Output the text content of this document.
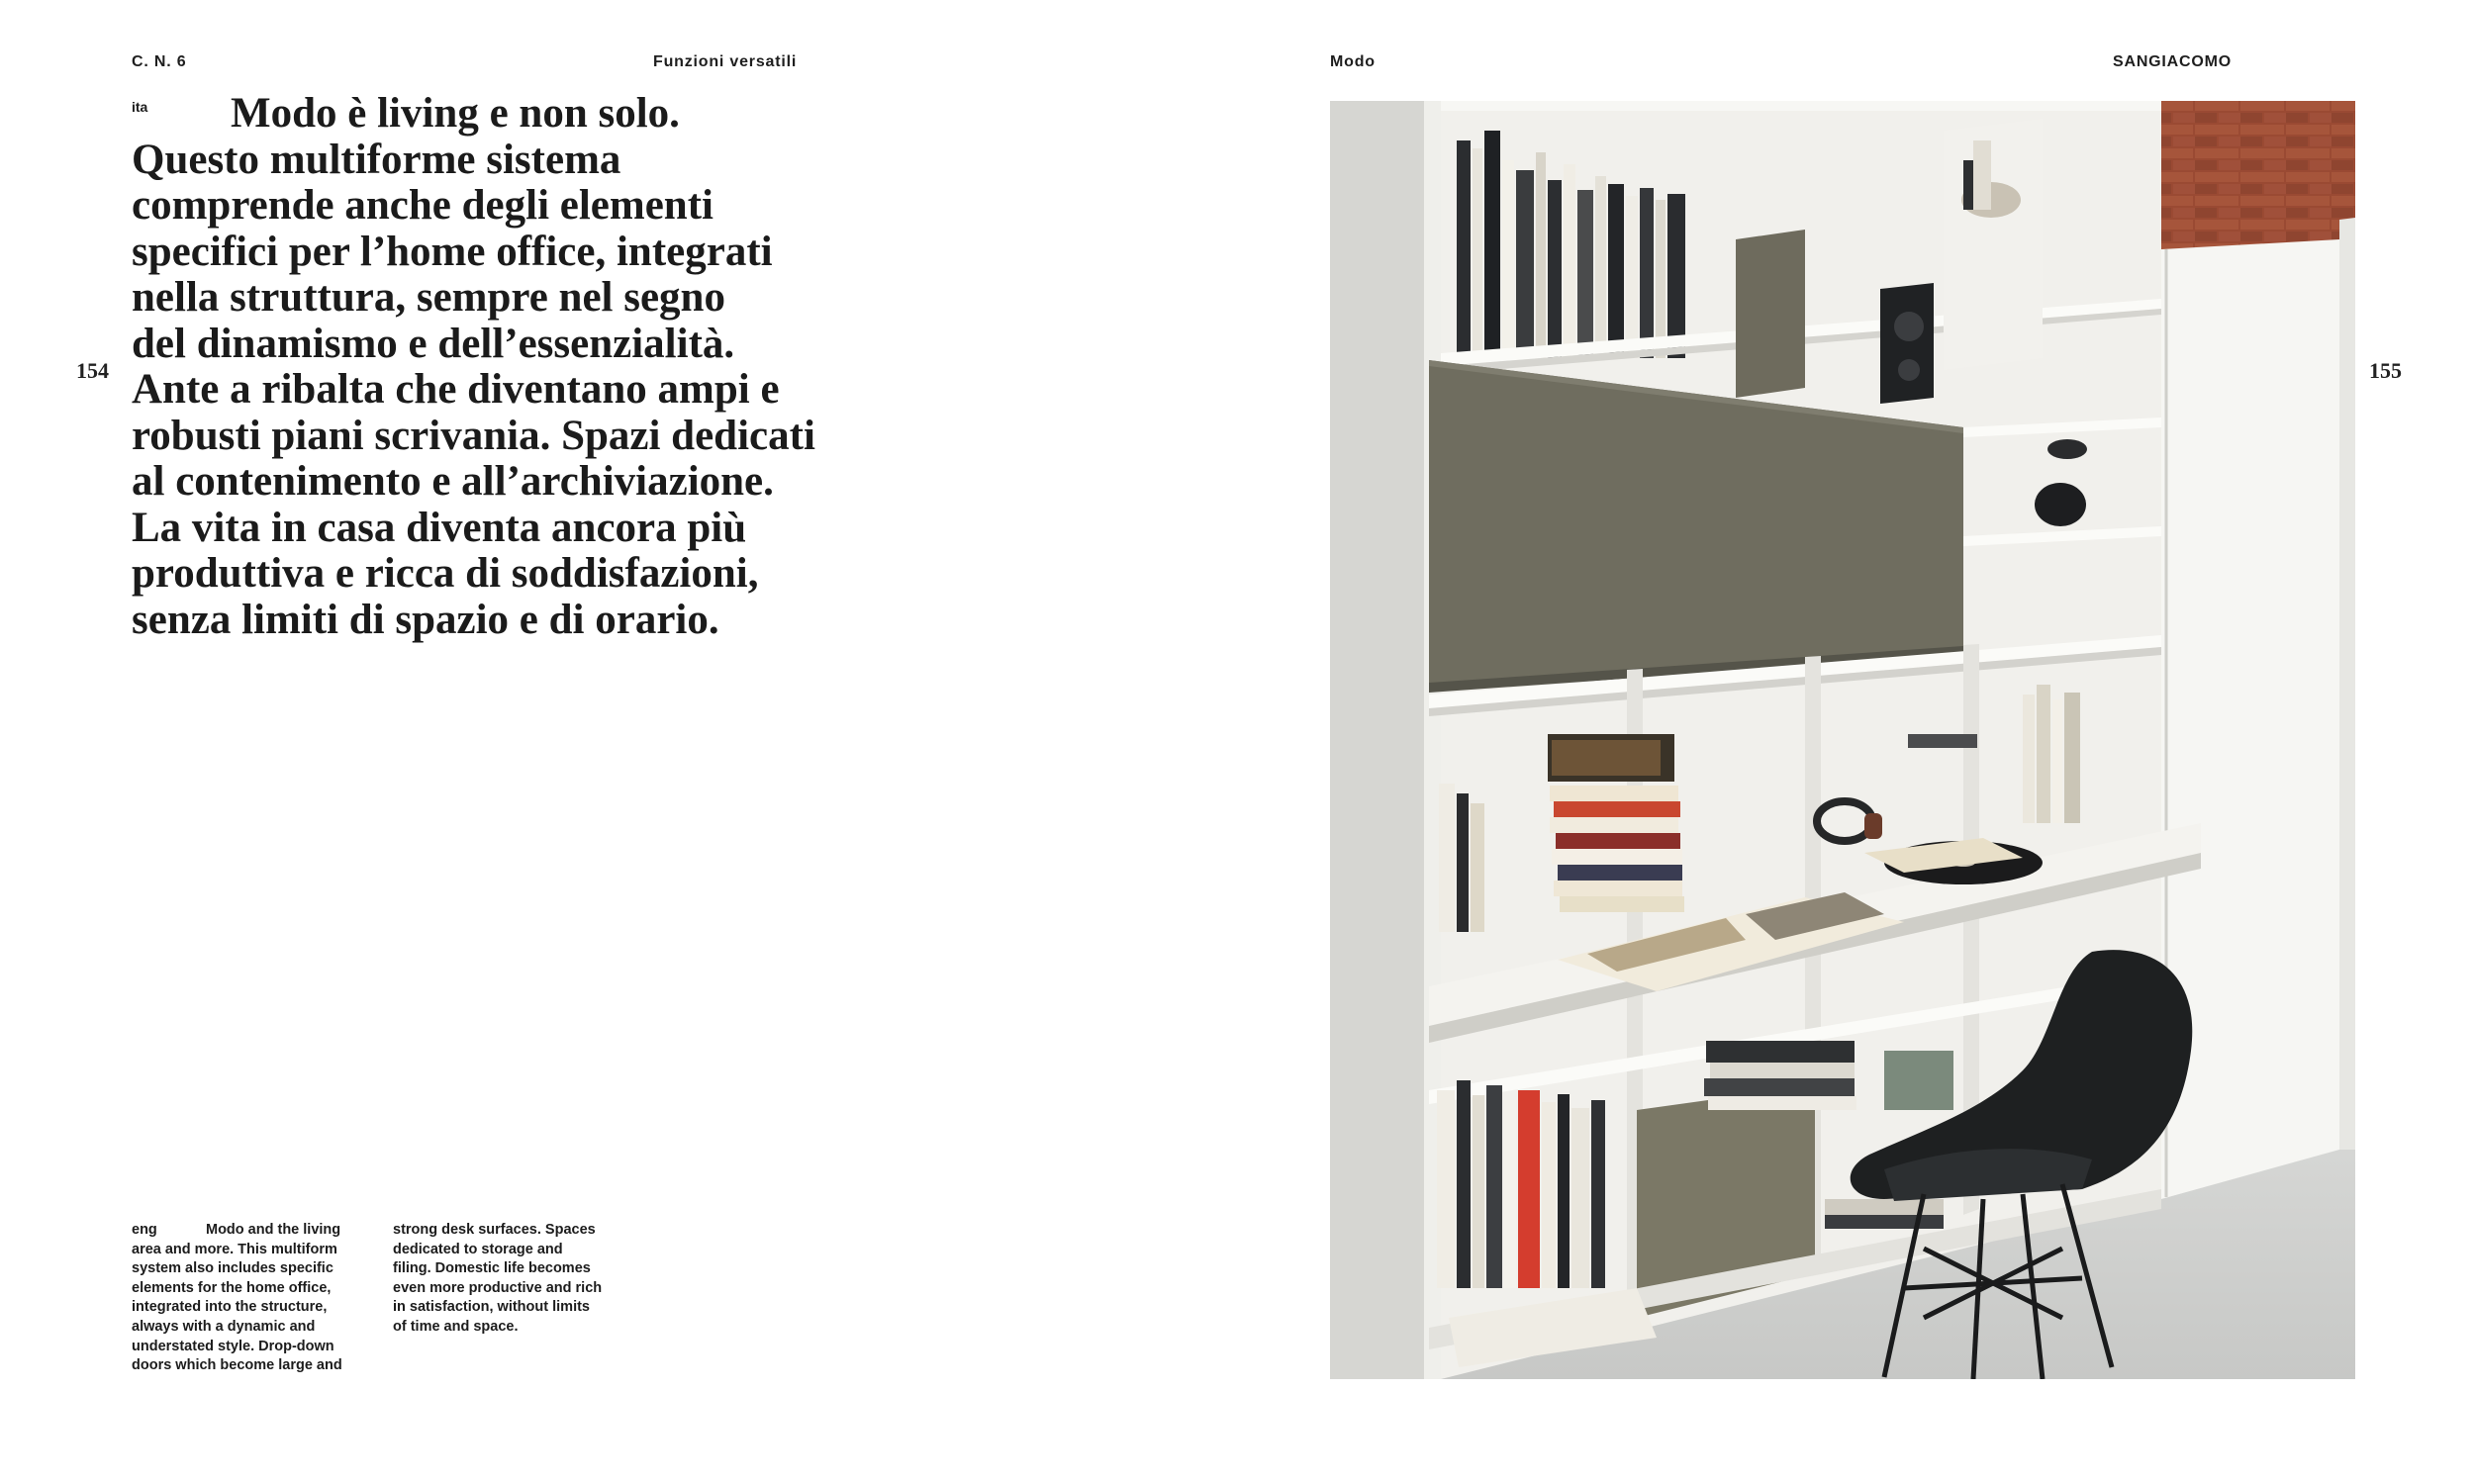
C. N. 6	Funzioni versatili	Modo	SANGIACOMO
154	155
ita	Modo è living e non solo.
Questo multiforme sistema
comprende anche degli elementi
specifici per l’home office, integrati
nella struttura, sempre nel segno
del dinamismo e dell’essenzialità.
Ante a ribalta che diventano ampi e
robusti piani scrivania. Spazi dedicati
al contenimento e all’archiviazione.
La vita in casa diventa ancora più
produttiva e ricca di soddisfazioni,
senza limiti di spazio e di orario.
eng	Modo and the living
area and more. This multiform
system also includes specific
elements for the home office,
integrated into the structure,
always with a dynamic and
understated style. Drop-down
doors which become large and
strong desk surfaces. Spaces
dedicated to storage and
filing. Domestic life becomes
even more productive and rich
in satisfaction, without limits
of time and space.
